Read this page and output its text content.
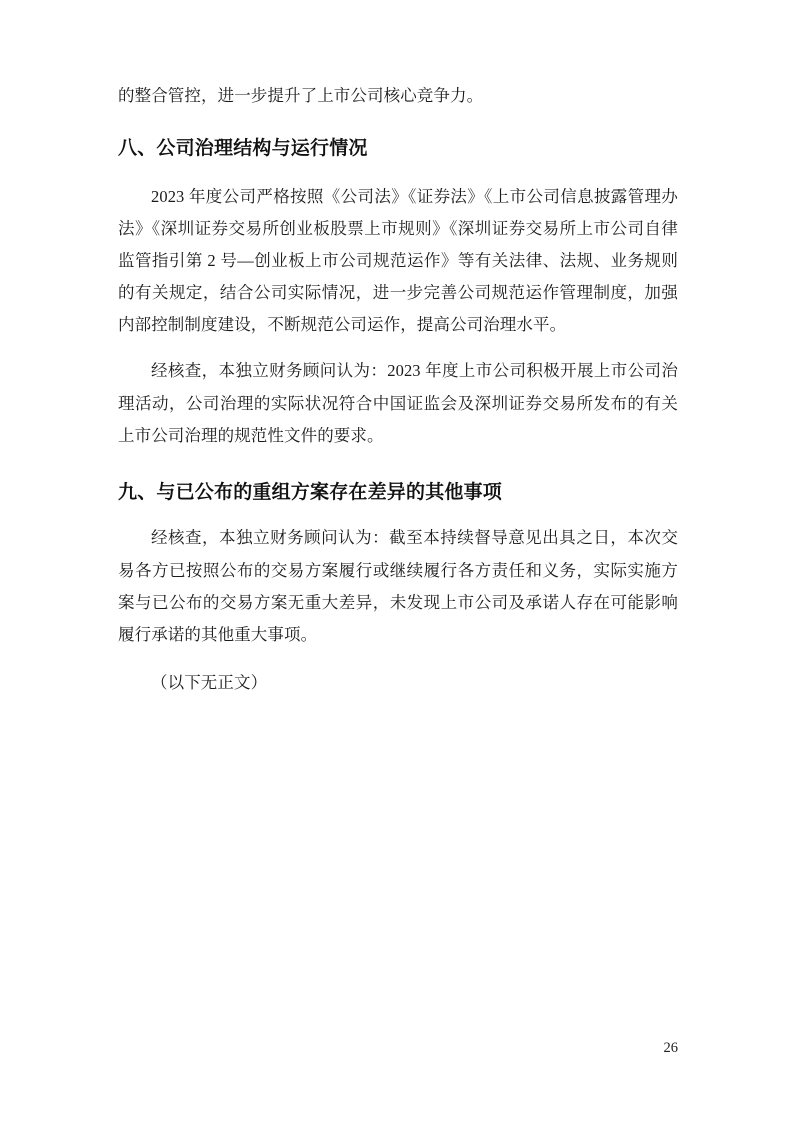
的整合管控，进一步提升了上市公司核心竞争力。

八、公司治理结构与运行情况

2023 年度公司严格按照《公司法》《证券法》《上市公司信息披露管理办法》《深圳证券交易所创业板股票上市规则》《深圳证券交易所上市公司自律监管指引第 2 号—创业板上市公司规范运作》等有关法律、法规、业务规则的有关规定，结合公司实际情况，进一步完善公司规范运作管理制度，加强内部控制制度建设，不断规范公司运作，提高公司治理水平。

经核查，本独立财务顾问认为：2023 年度上市公司积极开展上市公司治理活动，公司治理的实际状况符合中国证监会及深圳证券交易所发布的有关上市公司治理的规范性文件的要求。

九、与已公布的重组方案存在差异的其他事项

经核查，本独立财务顾问认为：截至本持续督导意见出具之日，本次交易各方已按照公布的交易方案履行或继续履行各方责任和义务，实际实施方案与已公布的交易方案无重大差异，未发现上市公司及承诺人存在可能影响履行承诺的其他重大事项。

（以下无正文）

26
